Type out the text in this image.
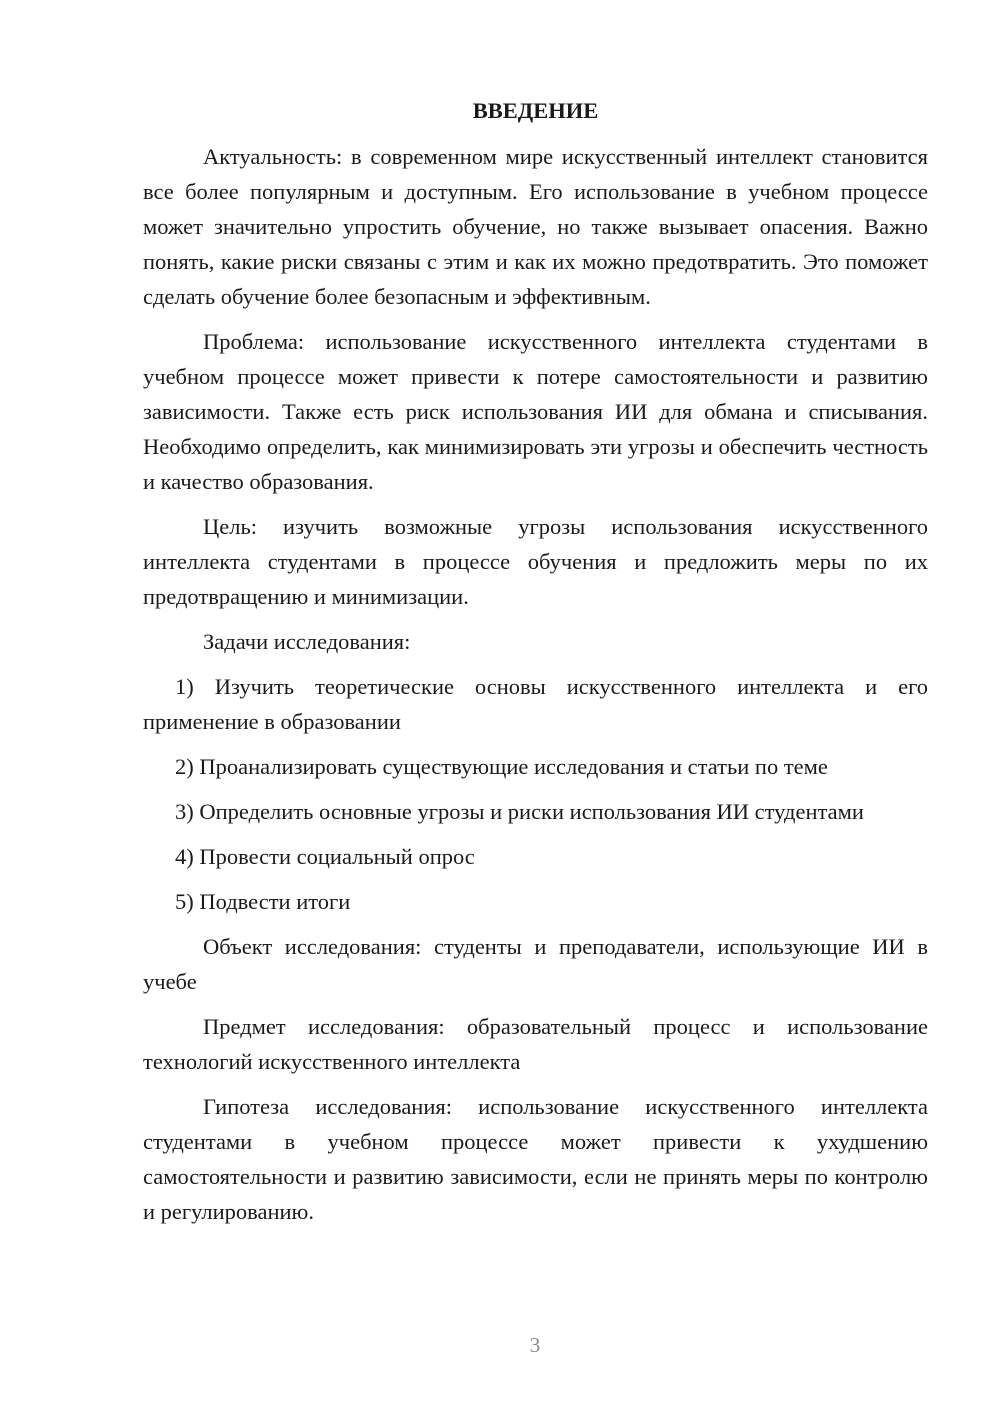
ВВЕДЕНИЕ

Актуальность: в современном мире искусственный интеллект становится все более популярным и доступным. Его использование в учебном процессе может значительно упростить обучение, но также вызывает опасения. Важно понять, какие риски связаны с этим и как их можно предотвратить. Это поможет сделать обучение более безопасным и эффективным.

Проблема: использование искусственного интеллекта студентами в учебном процессе может привести к потере самостоятельности и развитию зависимости. Также есть риск использования ИИ для обмана и списывания. Необходимо определить, как минимизировать эти угрозы и обеспечить честность и качество образования.

Цель: изучить возможные угрозы использования искусственного интеллекта студентами в процессе обучения и предложить меры по их предотвращению и минимизации.

Задачи исследования:

1) Изучить теоретические основы искусственного интеллекта и его применение в образовании

2) Проанализировать существующие исследования и статьи по теме

3) Определить основные угрозы и риски использования ИИ студентами

4) Провести социальный опрос

5) Подвести итоги

Объект исследования: студенты и преподаватели, использующие ИИ в учебе

Предмет исследования: образовательный процесс и использование технологий искусственного интеллекта

Гипотеза исследования: использование искусственного интеллекта студентами в учебном процессе может привести к ухудшению самостоятельности и развитию зависимости, если не принять меры по контролю и регулированию.

3
